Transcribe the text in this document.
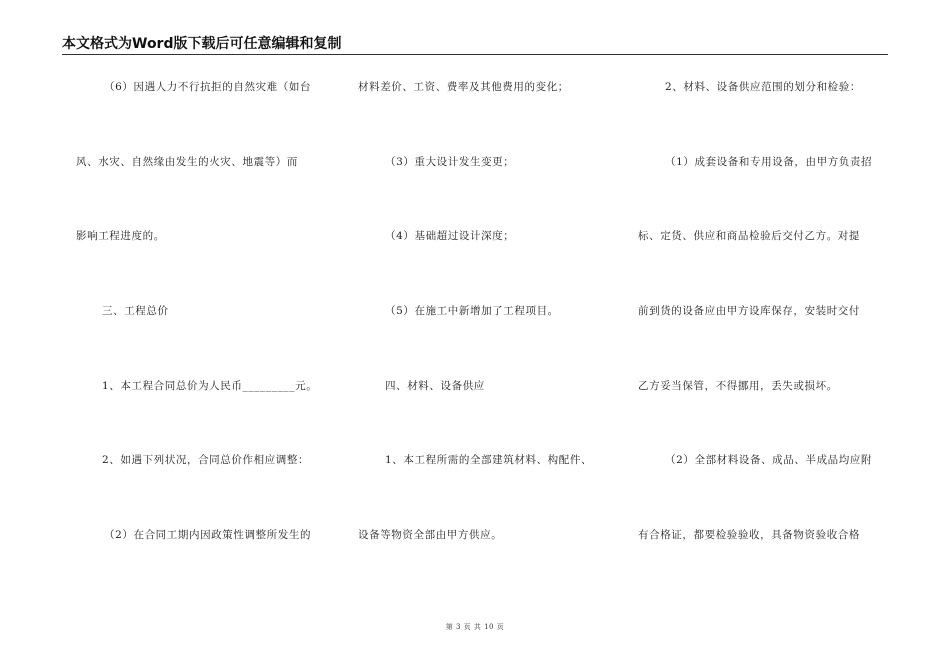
本文格式为Word版下载后可任意编辑和复制
（6）因遇人力不行抗拒的自然灾难（如台
风、水灾、自然缘由发生的火灾、地震等）而
影响工程进度的。
三、工程总价
1、本工程合同总价为人民币_________元。
2、如遇下列状况，合同总价作相应调整：
（2）在合同工期内因政策性调整所发生的
材料差价、工资、费率及其他费用的变化；
（3）重大设计发生变更；
（4）基础超过设计深度；
（5）在施工中新增加了工程项目。
四、材料、设备供应
1、本工程所需的全部建筑材料、构配件、
设备等物资全部由甲方供应。
2、材料、设备供应范围的划分和检验：
（1）成套设备和专用设备，由甲方负责招
标、定货、供应和商品检验后交付乙方。对提
前到货的设备应由甲方设库保存，安装时交付
乙方妥当保管，不得挪用，丢失或损坏。
（2）全部材料设备、成品、半成品均应附
有合格证，都要检验验收，具备物资验收合格
第 3 页 共 10 页
